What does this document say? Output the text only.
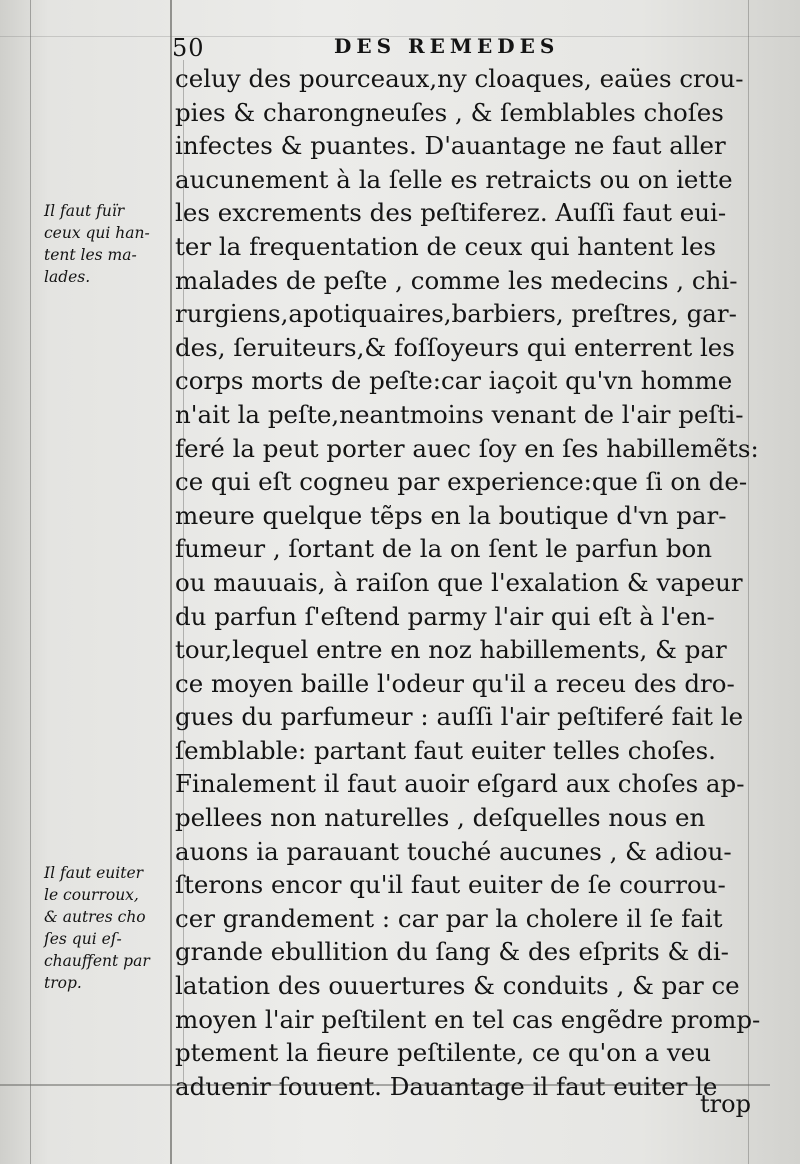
50	DES REMEDES
celuy des pourceaux,ny cloaques, eaües crou-
pies & charongneuſes , & ſemblables choſes
infectes & puantes. D'auantage ne faut aller
aucunement à la ſelle es retraicts ou on iette
les excrements des peſtiferez. Auſſi faut eui-
ter la frequentation de ceux qui hantent les
malades de peſte , comme les medecins , chi-
rurgiens,apotiquaires,barbiers, preſtres, gar-
des, ſeruiteurs,& foſſoyeurs qui enterrent les
corps morts de peſte:car iaçoit qu'vn homme
n'ait la peſte,neantmoins venant de l'air peſti-
feré la peut porter auec ſoy en ſes habillemẽts:
ce qui eſt cogneu par experience:que ſi on de-
meure quelque tẽps en la boutique d'vn par-
fumeur , ſortant de la on ſent le parfun bon
ou mauuais, à raiſon que l'exalation & vapeur
du parfun ſ'eſtend parmy l'air qui eſt à l'en-
tour,lequel entre en noz habillements, & par
ce moyen baille l'odeur qu'il a receu des dro-
gues du parfumeur : auſſi l'air peſtiferé fait le
ſemblable: partant faut euiter telles choſes.
Finalement il faut auoir eſgard aux choſes ap-
pellees non naturelles , deſquelles nous en
auons ia parauant touché aucunes , & adiou-
ſterons encor qu'il faut euiter de ſe courrou-
cer grandement : car par la cholere il ſe fait
grande ebullition du ſang & des eſprits & di-
latation des ouuertures & conduits , & par ce
moyen l'air peſtilent en tel cas engẽdre promp-
ptement la fieure peſtilente, ce qu'on a veu
aduenir ſouuent. Dauantage il faut euiter le
Il faut fuïr
ceux qui han-
tent les ma-
lades.
Il faut euiter
le courroux,
& autres cho
ſes qui eſ-
chauffent par
trop.
trop
